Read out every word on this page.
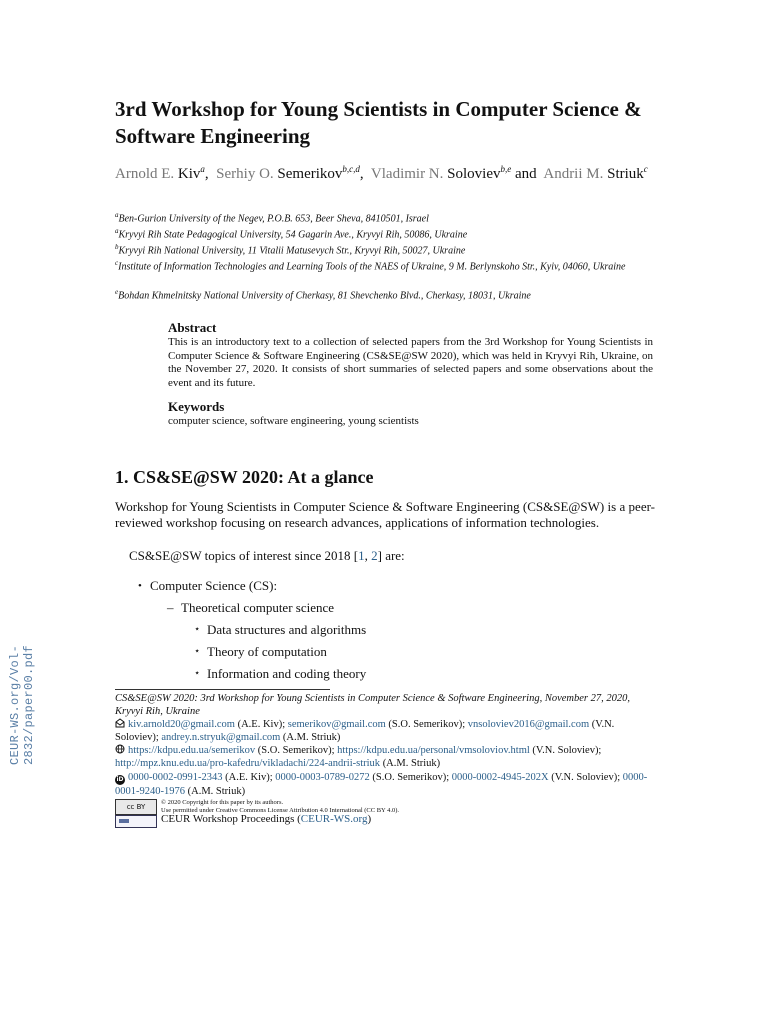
CEUR-WS.org/Vol-2832/paper00.pdf
3rd Workshop for Young Scientists in Computer Science & Software Engineering
Arnold E. Kiv$^a$,  Serhiy O. Semerikov$^{b,c,d}$,  Vladimir N. Soloviev$^{b,e}$ and Andrii M. Striuk$^c$
$^a$Ben-Gurion University of the Negev, P.O.B. 653, Beer Sheva, 8410501, Israel
$^a$Kryvyi Rih State Pedagogical University, 54 Gagarin Ave., Kryvyi Rih, 50086, Ukraine
$^b$Kryvyi Rih National University, 11 Vitalii Matusevych Str., Kryvyi Rih, 50027, Ukraine
$^c$Institute of Information Technologies and Learning Tools of the NAES of Ukraine, 9 M. Berlynskoho Str., Kyiv, 04060, Ukraine
$^e$Bohdan Khmelnitsky National University of Cherkasy, 81 Shevchenko Blvd., Cherkasy, 18031, Ukraine

Abstract

This is an introductory text to a collection of selected papers from the 3rd Workshop for Young Scientists in Computer Science & Software Engineering (CS&SE@SW 2020), which was held in Kryvyi Rih, Ukraine, on the November 27, 2020. It consists of short summaries of selected papers and some observations about the event and its future.

Keywords

computer science, software engineering, young scientists

1. CS&SE@SW 2020: At a glance

Workshop for Young Scientists in Computer Science & Software Engineering (CS&SE@SW) is a peer-reviewed workshop focusing on research advances, applications of information technologies.

CS&SE@SW topics of interest since 2018 [1, 2] are:

• Computer Science (CS):
– Theoretical computer science
⋆ Data structures and algorithms
⋆ Theory of computation
⋆ Information and coding theory
CS&SE@SW 2020: 3rd Workshop for Young Scientists in Computer Science & Software Engineering, November 27, 2020, Kryvyi Rih, Ukraine
kiv.arnold20@gmail.com (A.E. Kiv); semerikov@gmail.com (S.O. Semerikov); vnsoloviev2016@gmail.com (V.N. Soloviev); andrey.n.stryuk@gmail.com (A.M. Striuk)
https://kdpu.edu.ua/semerikov (S.O. Semerikov); https://kdpu.edu.ua/personal/vmsoloviov.html (V.N. Soloviev); http://mpz.knu.edu.ua/pro-kafedru/vikladachi/224-andrii-striuk (A.M. Striuk)
iD 0000-0002-0991-2343 (A.E. Kiv); 0000-0003-0789-0272 (S.O. Semerikov); 0000-0002-4945-202X (V.N. Soloviev); 0000-0001-9240-1976 (A.M. Striuk)
cc BY
© 2020 Copyright for this paper by its authors.
Use permitted under Creative Commons License Attribution 4.0 International (CC BY 4.0).
CEUR Workshop Proceedings (CEUR-WS.org)
